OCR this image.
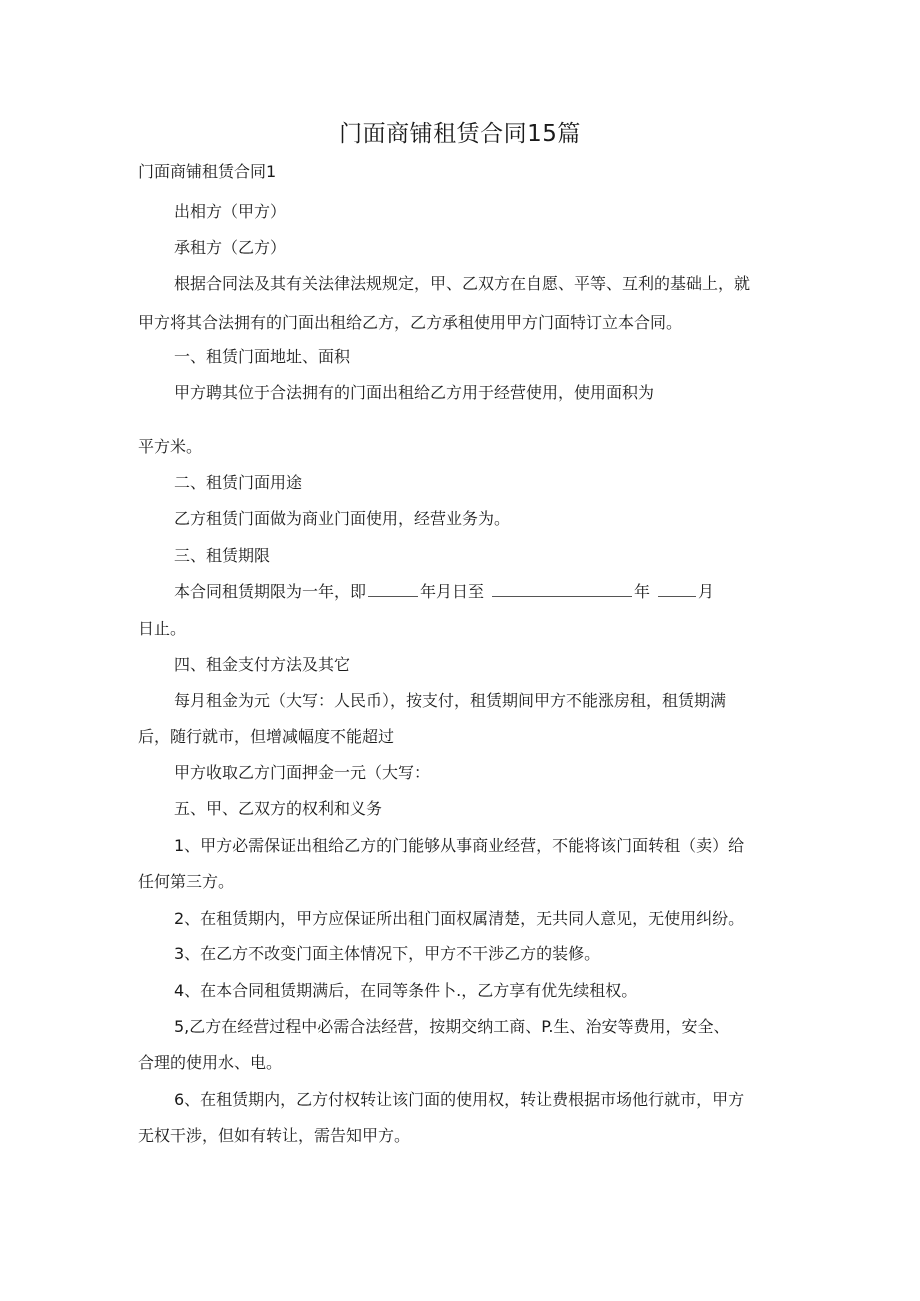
门面商铺租赁合同15篇
门面商铺租赁合同1
出相方（甲方）
承租方（乙方）
根据合同法及其有关法律法规规定，甲、乙双方在自愿、平等、互利的基础上，就
甲方将其合法拥有的门面出租给乙方，乙方承租使用甲方门面特订立本合同。
一、租赁门面地址、面积
甲方聘其位于合法拥有的门面出租给乙方用于经营使用，使用面积为
平方米。
二、租赁门面用途
乙方租赁门面做为商业门面使用，经营业务为。
三、租赁期限
本合同租赁期限为一年，即	年月日至	年	月
日止。
四、租金支付方法及其它
每月租金为元（大写：人民币），按支付，租赁期间甲方不能涨房租，租赁期满
后，随行就市，但增减幅度不能超过
甲方收取乙方门面押金一元（大写：
五、甲、乙双方的权利和义务
1、甲方必需保证出租给乙方的门能够从事商业经营，不能将该门面转租（卖）给
任何第三方。
2、在租赁期内，甲方应保证所出租门面权属清楚，无共同人意见，无使用纠纷。
3、在乙方不改变门面主体情况下，甲方不干涉乙方的装修。
4、在本合同租赁期满后，在同等条件卜.，乙方享有优先续租权。
5,乙方在经营过程中必需合法经营，按期交纳工商、P.生、治安等费用，安全、
合理的使用水、电。
6、在租赁期内，乙方付权转让该门面的使用权，转让费根据市场他行就市，甲方
无权干涉，但如有转让，需告知甲方。
